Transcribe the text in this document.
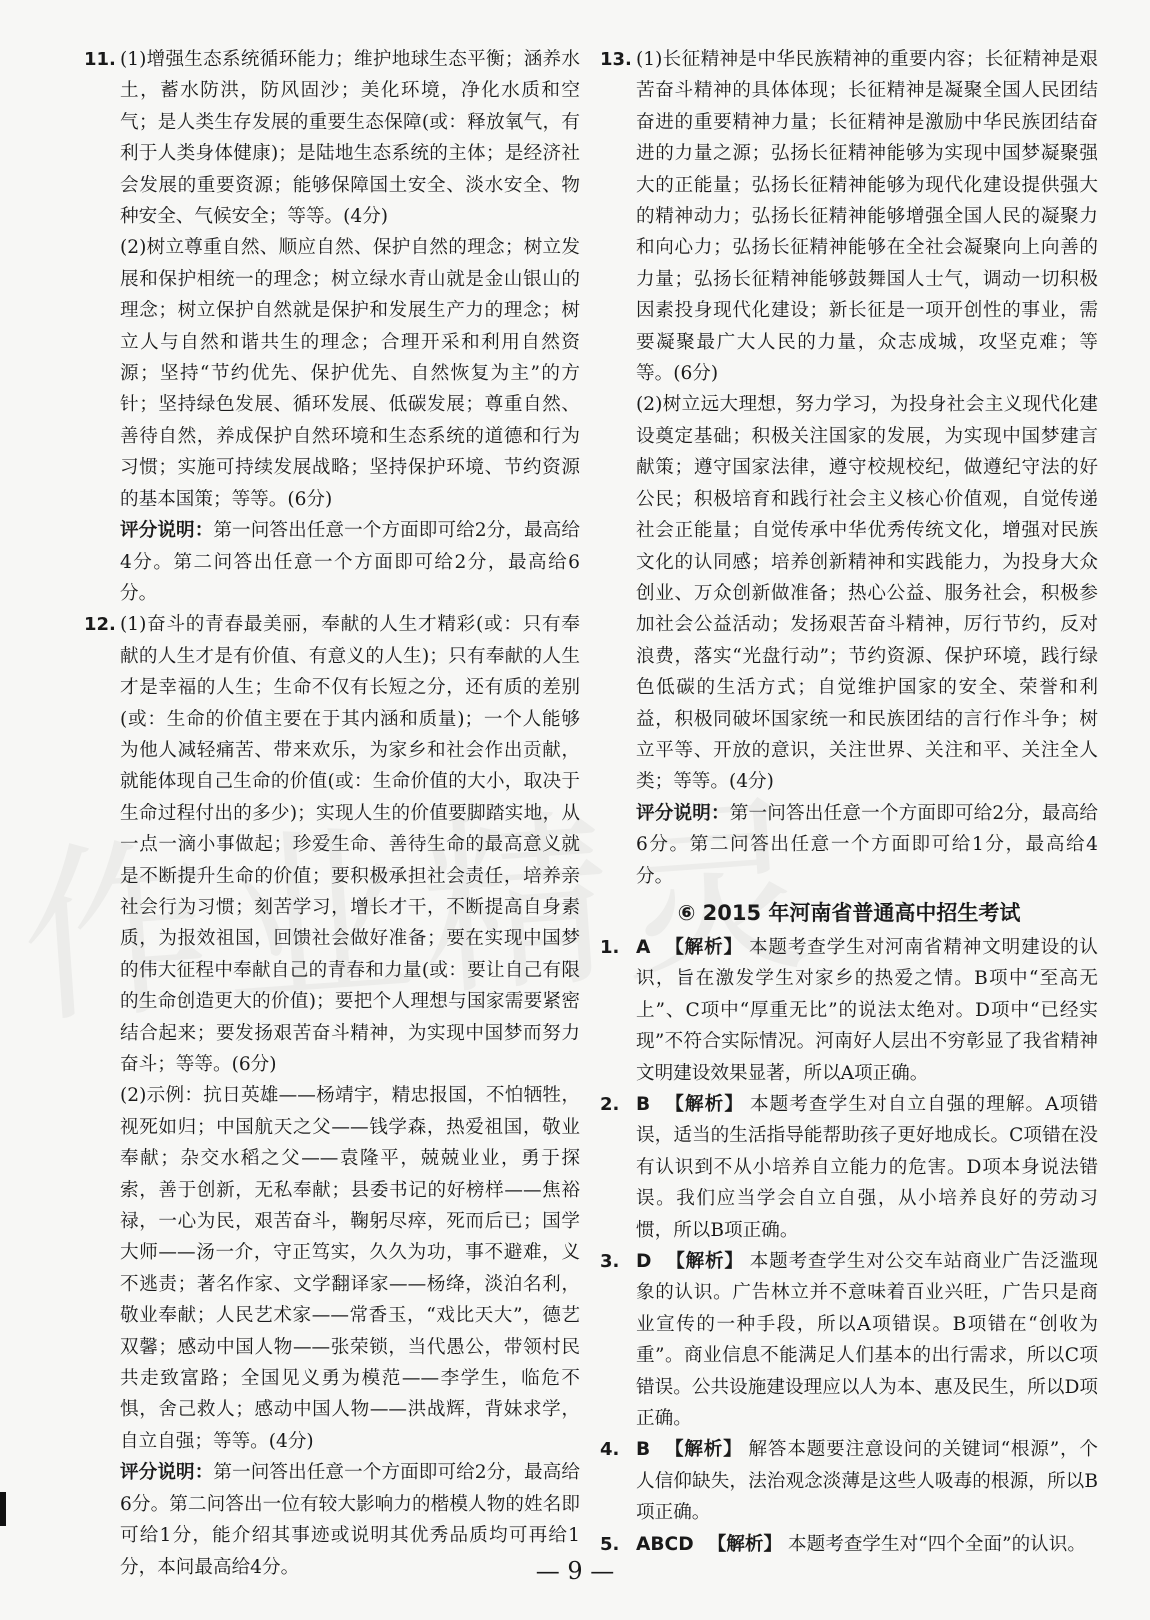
11. (1)增强生态系统循环能力；维护地球生态平衡；涵养水土，蓄水防洪，防风固沙；美化环境，净化水质和空气；是人类生存发展的重要生态保障(或：释放氧气，有利于人类身体健康)；是陆地生态系统的主体；是经济社会发展的重要资源；能够保障国土安全、淡水安全、物种安全、气候安全；等等。(4分)
(2)树立尊重自然、顺应自然、保护自然的理念；树立发展和保护相统一的理念；树立绿水青山就是金山银山的理念；树立保护自然就是保护和发展生产力的理念；树立人与自然和谐共生的理念；合理开采和利用自然资源；坚持“节约优先、保护优先、自然恢复为主”的方针；坚持绿色发展、循环发展、低碳发展；尊重自然、善待自然，养成保护自然环境和生态系统的道德和行为习惯；实施可持续发展战略；坚持保护环境、节约资源的基本国策；等等。(6分)
评分说明：第一问答出任意一个方面即可给2分，最高给4分。第二问答出任意一个方面即可给2分，最高给6分。
12. (1)奋斗的青春最美丽，奉献的人生才精彩(或：只有奉献的人生才是有价值、有意义的人生)；只有奉献的人生才是幸福的人生；生命不仅有长短之分，还有质的差别(或：生命的价值主要在于其内涵和质量)；一个人能够为他人减轻痛苦、带来欢乐，为家乡和社会作出贡献，就能体现自己生命的价值(或：生命价值的大小，取决于生命过程付出的多少)；实现人生的价值要脚踏实地，从一点一滴小事做起；珍爱生命、善待生命的最高意义就是不断提升生命的价值；要积极承担社会责任，培养亲社会行为习惯；刻苦学习，增长才干，不断提高自身素质，为报效祖国，回馈社会做好准备；要在实现中国梦的伟大征程中奉献自己的青春和力量(或：要让自己有限的生命创造更大的价值)；要把个人理想与国家需要紧密结合起来；要发扬艰苦奋斗精神，为实现中国梦而努力奋斗；等等。(6分)
(2)示例：抗日英雄——杨靖宇，精忠报国，不怕牺牲，视死如归；中国航天之父——钱学森，热爱祖国，敬业奉献；杂交水稻之父——袁隆平，兢兢业业，勇于探索，善于创新，无私奉献；县委书记的好榜样——焦裕禄，一心为民，艰苦奋斗，鞠躬尽瘁，死而后已；国学大师——汤一介，守正笃实，久久为功，事不避难，义不逃责；著名作家、文学翻译家——杨绛，淡泊名利，敬业奉献；人民艺术家——常香玉，“戏比天大”，德艺双馨；感动中国人物——张荣锁，当代愚公，带领村民共走致富路；全国见义勇为模范——李学生，临危不惧，舍己救人；感动中国人物——洪战辉，背妹求学，自立自强；等等。(4分)
评分说明：第一问答出任意一个方面即可给2分，最高给6分。第二问答出一位有较大影响力的楷模人物的姓名即可给1分，能介绍其事迹或说明其优秀品质均可再给1分，本问最高给4分。
13. (1)长征精神是中华民族精神的重要内容；长征精神是艰苦奋斗精神的具体体现；长征精神是凝聚全国人民团结奋进的重要精神力量；长征精神是激励中华民族团结奋进的力量之源；弘扬长征精神能够为实现中国梦凝聚强大的正能量；弘扬长征精神能够为现代化建设提供强大的精神动力；弘扬长征精神能够增强全国人民的凝聚力和向心力；弘扬长征精神能够在全社会凝聚向上向善的力量；弘扬长征精神能够鼓舞国人士气，调动一切积极因素投身现代化建设；新长征是一项开创性的事业，需要凝聚最广大人民的力量，众志成城，攻坚克难；等等。(6分)
(2)树立远大理想，努力学习，为投身社会主义现代化建设奠定基础；积极关注国家的发展，为实现中国梦建言献策；遵守国家法律，遵守校规校纪，做遵纪守法的好公民；积极培育和践行社会主义核心价值观，自觉传递社会正能量；自觉传承中华优秀传统文化，增强对民族文化的认同感；培养创新精神和实践能力，为投身大众创业、万众创新做准备；热心公益、服务社会，积极参加社会公益活动；发扬艰苦奋斗精神，厉行节约，反对浪费，落实“光盘行动”；节约资源、保护环境，践行绿色低碳的生活方式；自觉维护国家的安全、荣誉和利益，积极同破坏国家统一和民族团结的言行作斗争；树立平等、开放的意识，关注世界、关注和平、关注全人类；等等。(4分)
评分说明：第一问答出任意一个方面即可给2分，最高给6分。第二问答出任意一个方面即可给1分，最高给4分。
⑥ 2015 年河南省普通高中招生考试
1. A 【解析】 本题考查学生对河南省精神文明建设的认识，旨在激发学生对家乡的热爱之情。B项中“至高无上”、C项中“厚重无比”的说法太绝对。D项中“已经实现”不符合实际情况。河南好人层出不穷彰显了我省精神文明建设效果显著，所以A项正确。
2. B 【解析】 本题考查学生对自立自强的理解。A项错误，适当的生活指导能帮助孩子更好地成长。C项错在没有认识到不从小培养自立能力的危害。D项本身说法错误。我们应当学会自立自强，从小培养良好的劳动习惯，所以B项正确。
3. D 【解析】 本题考查学生对公交车站商业广告泛滥现象的认识。广告林立并不意味着百业兴旺，广告只是商业宣传的一种手段，所以A项错误。B项错在“创收为重”。商业信息不能满足人们基本的出行需求，所以C项错误。公共设施建设理应以人为本、惠及民生，所以D项正确。
4. B 【解析】 解答本题要注意设问的关键词“根源”，个人信仰缺失，法治观念淡薄是这些人吸毒的根源，所以B项正确。
5. ABCD 【解析】 本题考查学生对“四个全面”的认识。
— 9 —
